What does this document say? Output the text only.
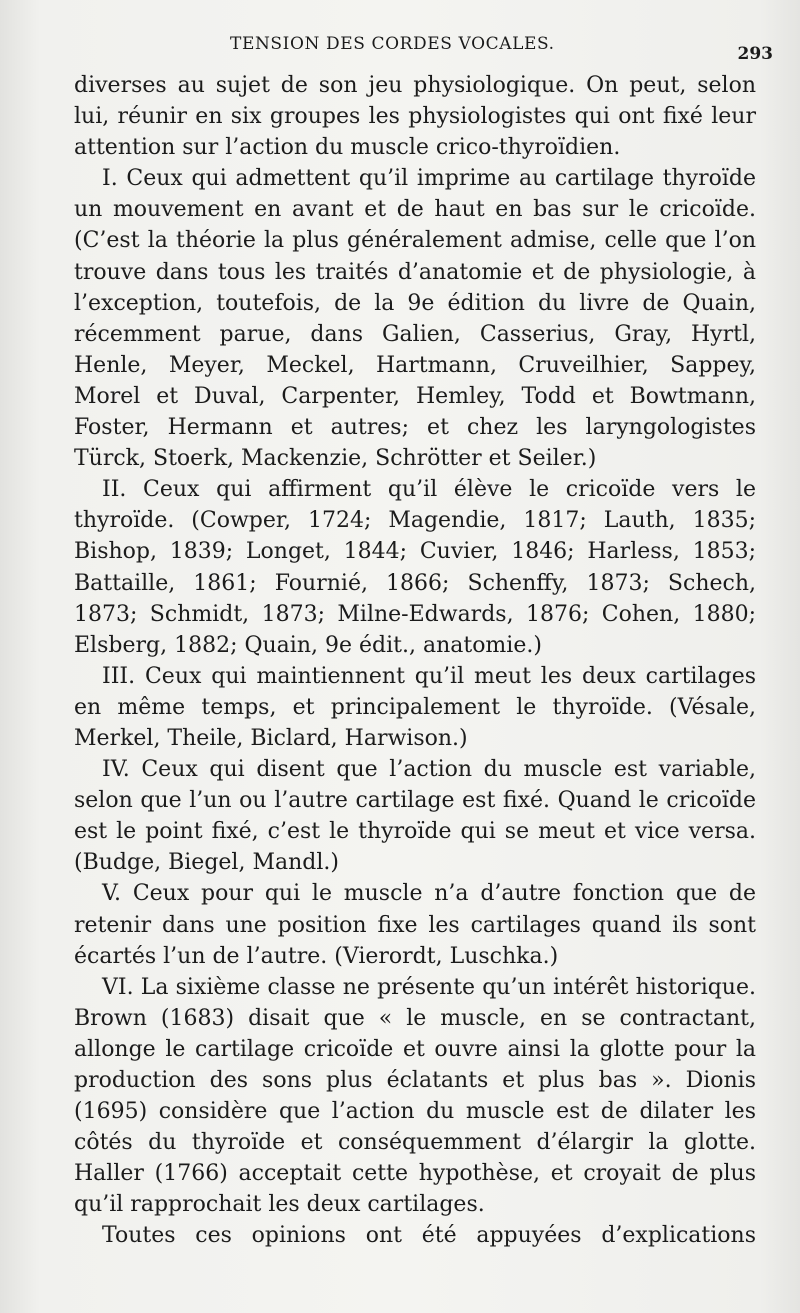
TENSION DES CORDES VOCALES.	293

diverses au sujet de son jeu physiologique. On peut, selon lui, réunir en six groupes les physiologistes qui ont fixé leur attention sur l’action du muscle crico-thyroïdien.

I. Ceux qui admettent qu’il imprime au cartilage thyroïde un mouvement en avant et de haut en bas sur le cricoïde. (C’est la théorie la plus généralement admise, celle que l’on trouve dans tous les traités d’anatomie et de physiologie, à l’exception, toutefois, de la 9e édition du livre de Quain, récemment parue, dans Galien, Casserius, Gray, Hyrtl, Henle, Meyer, Meckel, Hartmann, Cruveilhier, Sappey, Morel et Duval, Carpenter, Hemley, Todd et Bowtmann, Foster, Hermann et autres; et chez les laryngologistes Türck, Stoerk, Mackenzie, Schrötter et Seiler.)

II. Ceux qui affirment qu’il élève le cricoïde vers le thyroïde. (Cowper, 1724; Magendie, 1817; Lauth, 1835; Bishop, 1839; Longet, 1844; Cuvier, 1846; Harless, 1853; Battaille, 1861; Fournié, 1866; Schenffy, 1873; Schech, 1873; Schmidt, 1873; Milne-Edwards, 1876; Cohen, 1880; Elsberg, 1882; Quain, 9e édit., anatomie.)

III. Ceux qui maintiennent qu’il meut les deux cartilages en même temps, et principalement le thyroïde. (Vésale, Merkel, Theile, Biclard, Harwison.)

IV. Ceux qui disent que l’action du muscle est variable, selon que l’un ou l’autre cartilage est fixé. Quand le cricoïde est le point fixé, c’est le thyroïde qui se meut et vice versa. (Budge, Biegel, Mandl.)

V. Ceux pour qui le muscle n’a d’autre fonction que de retenir dans une position fixe les cartilages quand ils sont écartés l’un de l’autre. (Vierordt, Luschka.)

VI. La sixième classe ne présente qu’un intérêt historique. Brown (1683) disait que « le muscle, en se contractant, allonge le cartilage cricoïde et ouvre ainsi la glotte pour la production des sons plus éclatants et plus bas ». Dionis (1695) considère que l’action du muscle est de dilater les côtés du thyroïde et conséquemment d’élargir la glotte. Haller (1766) acceptait cette hypothèse, et croyait de plus qu’il rapprochait les deux cartilages.

Toutes ces opinions ont été appuyées d’explications
